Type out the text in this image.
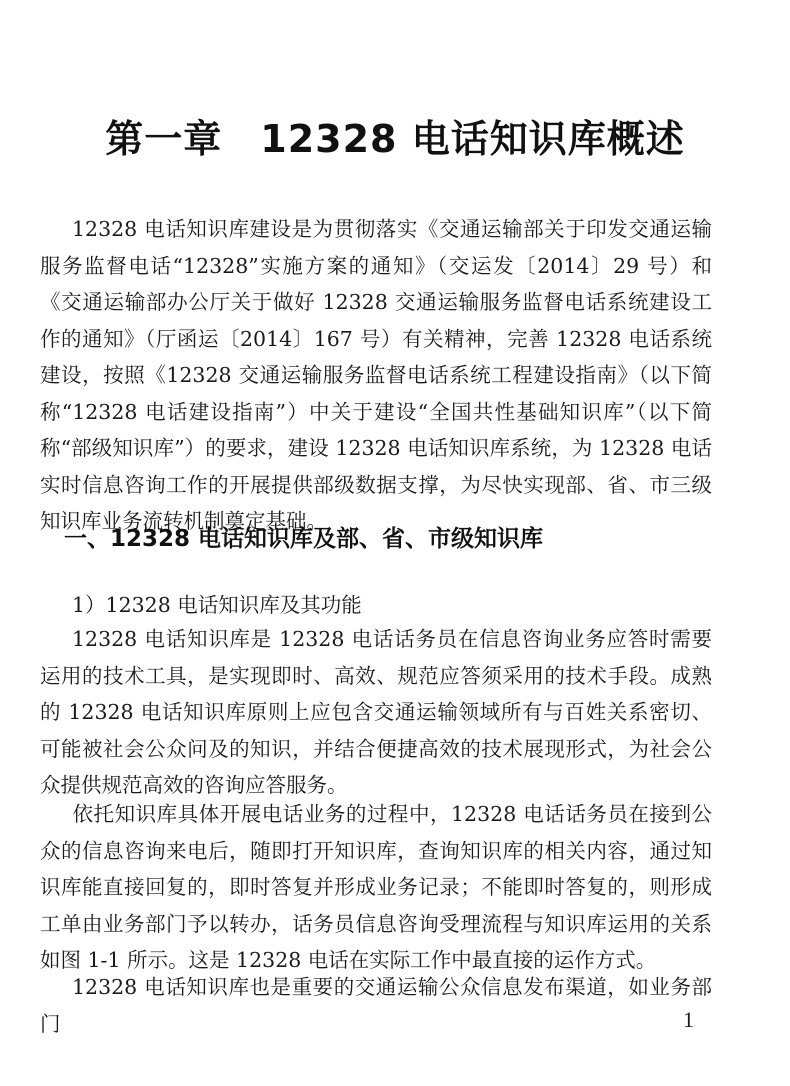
第一章 12328 电话知识库概述

12328 电话知识库建设是为贯彻落实《交通运输部关于印发交通运输服务监督电话“12328”实施方案的通知》（交运发〔2014〕29 号）和《交通运输部办公厅关于做好 12328 交通运输服务监督电话系统建设工作的通知》（厅函运〔2014〕167 号）有关精神，完善 12328 电话系统建设，按照《12328 交通运输服务监督电话系统工程建设指南》（以下简称“12328 电话建设指南”）中关于建设“全国共性基础知识库”（以下简称“部级知识库”）的要求，建设 12328 电话知识库系统，为 12328 电话实时信息咨询工作的开展提供部级数据支撑，为尽快实现部、省、市三级知识库业务流转机制奠定基础。

一、12328 电话知识库及部、省、市级知识库
1）12328 电话知识库及其功能

12328 电话知识库是 12328 电话话务员在信息咨询业务应答时需要运用的技术工具，是实现即时、高效、规范应答须采用的技术手段。成熟的 12328 电话知识库原则上应包含交通运输领域所有与百姓关系密切、可能被社会公众问及的知识，并结合便捷高效的技术展现形式，为社会公众提供规范高效的咨询应答服务。

依托知识库具体开展电话业务的过程中，12328 电话话务员在接到公众的信息咨询来电后，随即打开知识库，查询知识库的相关内容，通过知识库能直接回复的，即时答复并形成业务记录；不能即时答复的，则形成工单由业务部门予以转办，话务员信息咨询受理流程与知识库运用的关系如图 1-1 所示。这是 12328 电话在实际工作中最直接的运作方式。

12328 电话知识库也是重要的交通运输公众信息发布渠道，如业务部门	1
